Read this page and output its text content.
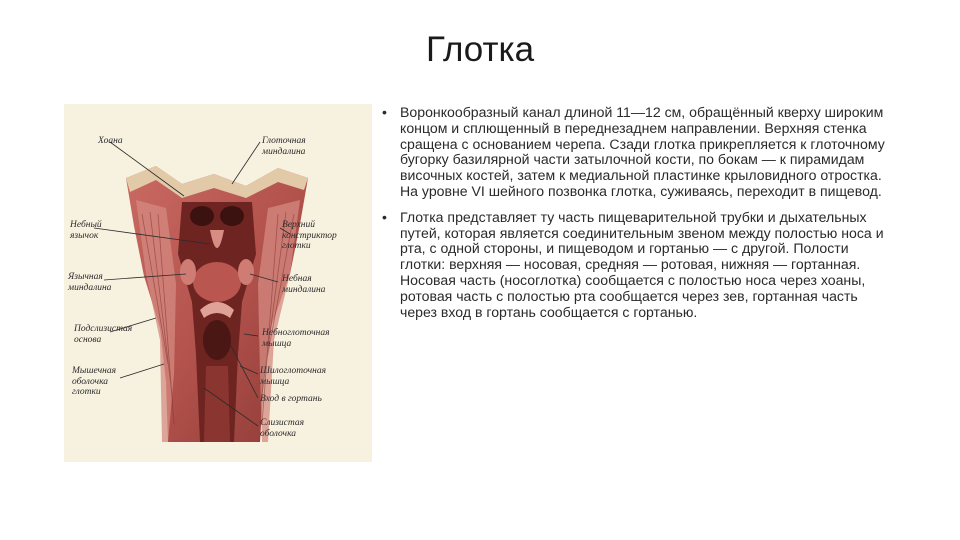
Глотка
Хоана	Глоточная
миндалина
Небный
язычок
Верхний
констриктор
глотки
Язычная
миндалина
Небная
миндалина
Подслизистая
основa
Небноглоточная
мышца
Мышечная
оболочка
глотки
Шилоглоточная
мышца
Вход в гортань
Слизистая
оболочка
• Воронкообразный канал длиной 11—12 см, обращённый кверху широким концом и сплющенный в переднезаднем направлении. Верхняя стенка сращена с основанием черепа. Сзади глотка прикрепляется к глоточному бугорку базилярной части затылочной кости, по бокам — к пирамидам височных костей, затем к медиальной пластинке крыловидного отростка. На уровне VI шейного позвонка глотка, суживаясь, переходит в пищевод.
• Глотка представляет ту часть пищеварительной трубки и дыхательных путей, которая является соединительным звеном между полостью носа и рта, с одной стороны, и пищеводом и гортанью — с другой. Полости глотки: верхняя — носовая, средняя — ротовая, нижняя — гортанная. Носовая часть (носоглотка) сообщается с полостью носа через хоаны, ротовая часть с полостью рта сообщается через зев, гортанная часть через вход в гортань сообщается с гортанью.
